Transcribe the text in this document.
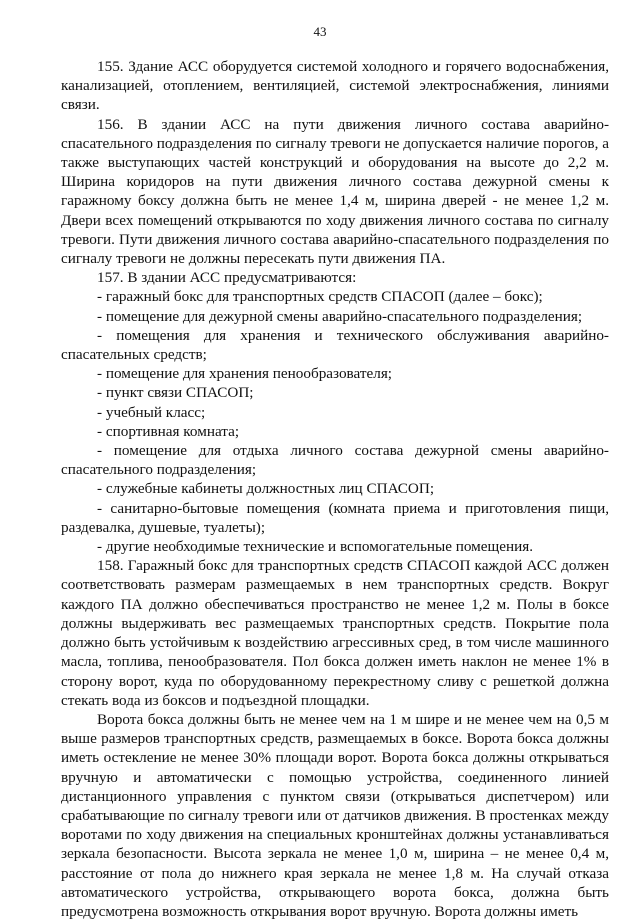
43

155. Здание АСС оборудуется системой холодного и горячего водоснабжения, канализацией, отоплением, вентиляцией, системой электроснабжения, линиями связи.

156. В здании АСС на пути движения личного состава аварийно-спасательного подразделения по сигналу тревоги не допускается наличие порогов, а также выступающих частей конструкций и оборудования на высоте до 2,2 м. Ширина коридоров на пути движения личного состава дежурной смены к гаражному боксу должна быть не менее 1,4 м, ширина дверей - не менее 1,2 м. Двери всех помещений открываются по ходу движения личного состава по сигналу тревоги. Пути движения личного состава аварийно-спасательного подразделения по сигналу тревоги не должны пересекать пути движения ПА.

157. В здании АСС предусматриваются:

- гаражный бокс для транспортных средств СПАСОП (далее – бокс);

- помещение для дежурной смены аварийно-спасательного подразделения;

- помещения для хранения и технического обслуживания аварийно-спасательных средств;

- помещение для хранения пенообразователя;

- пункт связи СПАСОП;

- учебный класс;

- спортивная комната;

- помещение для отдыха личного состава дежурной смены аварийно-спасательного подразделения;

- служебные кабинеты должностных лиц СПАСОП;

- санитарно-бытовые помещения (комната приема и приготовления пищи, раздевалка, душевые, туалеты);

- другие необходимые технические и вспомогательные помещения.

158. Гаражный бокс для транспортных средств СПАСОП каждой АСС должен соответствовать размерам размещаемых в нем транспортных средств. Вокруг каждого ПА должно обеспечиваться пространство не менее 1,2 м. Полы в боксе должны выдерживать вес размещаемых транспортных средств. Покрытие пола должно быть устойчивым к воздействию агрессивных сред, в том числе машинного масла, топлива, пенообразователя. Пол бокса должен иметь наклон не менее 1% в сторону ворот, куда по оборудованному перекрестному сливу с решеткой должна стекать вода из боксов и подъездной площадки.

Ворота бокса должны быть не менее чем на 1 м шире и не менее чем на 0,5 м выше размеров транспортных средств, размещаемых в боксе. Ворота бокса должны иметь остекление не менее 30% площади ворот. Ворота бокса должны открываться вручную и автоматически с помощью устройства, соединенного линией дистанционного управления с пунктом связи (открываться диспетчером) или срабатывающие по сигналу тревоги или от датчиков движения. В простенках между воротами по ходу движения на специальных кронштейнах должны устанавливаться зеркала безопасности. Высота зеркала не менее 1,0 м, ширина – не менее 0,4 м, расстояние от пола до нижнего края зеркала не менее 1,8 м. На случай отказа автоматического устройства, открывающего ворота бокса, должна быть предусмотрена возможность открывания ворот вручную. Ворота должны иметь
